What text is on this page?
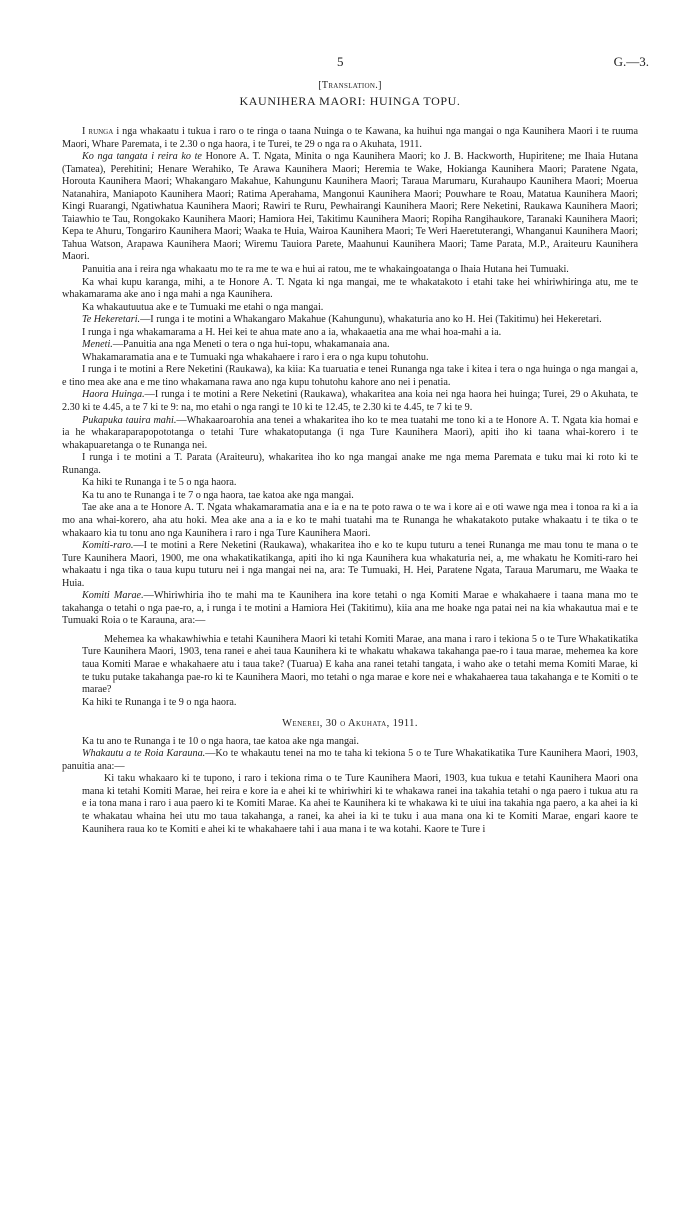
5	G.—3.
[Translation.]
KAUNIHERA MAORI: HUINGA TOPU.

I runga i nga whakaatu i tukua i raro o te ringa o taana Nuinga o te Kawana, ka huihui nga mangai o nga Kaunihera Maori i te ruuma Maori, Whare Paremata, i te 2.30 o nga haora, i te Turei, te 29 o nga ra o Akuhata, 1911.

Ko nga tangata i reira ko te Honore A. T. Ngata, Minita o nga Kaunihera Maori; ko J. B. Hackworth, Hupiritene; me Ihaia Hutana (Tamatea), Perehitini; Henare Werahiko, Te Arawa Kaunihera Maori; Heremia te Wake, Hokianga Kaunihera Maori; Paratene Ngata, Horouta Kaunihera Maori; Whakangaro Makahue, Kahungunu Kaunihera Maori; Taraua Marumaru, Kurahaupo Kaunihera Maori; Moerua Natanahira, Maniapoto Kaunihera Maori; Ratima Aperahama, Mangonui Kaunihera Maori; Pouwhare te Roau, Matatua Kaunihera Maori; Kingi Ruarangi, Ngatiwhatua Kaunihera Maori; Rawiri te Ruru, Pewhairangi Kaunihera Maori; Rere Neketini, Raukawa Kaunihera Maori; Taiawhio te Tau, Rongokako Kaunihera Maori; Hamiora Hei, Takitimu Kaunihera Maori; Ropiha Rangihaukore, Taranaki Kaunihera Maori; Kepa te Ahuru, Tongariro Kaunihera Maori; Waaka te Huia, Wairoa Kaunihera Maori; Te Weri Haeretuterangi, Whanganui Kaunihera Maori; Tahua Watson, Arapawa Kaunihera Maori; Wiremu Tauiora Parete, Maahunui Kaunihera Maori; Tame Parata, M.P., Araiteuru Kaunihera Maori.

Panuitia ana i reira nga whakaatu mo te ra me te wa e hui ai ratou, me te whakaingoatanga o Ihaia Hutana hei Tumuaki.

Ka whai kupu karanga, mihi, a te Honore A. T. Ngata ki nga mangai, me te whakatakoto i etahi take hei whiriwhiringa atu, me te whakamarama ake ano i nga mahi a nga Kaunihera.

Ka whakautuutua ake e te Tumuaki me etahi o nga mangai.

Te Hekeretari.—I runga i te motini a Whakangaro Makahue (Kahungunu), whakaturia ano ko H. Hei (Takitimu) hei Hekeretari.

I runga i nga whakamarama a H. Hei kei te ahua mate ano a ia, whakaaetia ana me whai hoa-mahi a ia.

Meneti.—Panuitia ana nga Meneti o tera o nga hui-topu, whakamanaia ana.

Whakamaramatia ana e te Tumuaki nga whakahaere i raro i era o nga kupu tohutohu.

I runga i te motini a Rere Neketini (Raukawa), ka kiia: Ka tuaruatia e tenei Runanga nga take i kitea i tera o nga huinga o nga mangai a, e tino mea ake ana e me tino whakamana rawa ano nga kupu tohutohu kahore ano nei i penatia.

Haora Huinga.—I runga i te motini a Rere Neketini (Raukawa), whakaritea ana koia nei nga haora hei huinga; Turei, 29 o Akuhata, te 2.30 ki te 4.45, a te 7 ki te 9: na, mo etahi o nga rangi te 10 ki te 12.45, te 2.30 ki te 4.45, te 7 ki te 9.

Pukapuka tauira mahi.—Whakaaroarohia ana tenei a whakaritea iho ko te mea tuatahi me tono ki a te Honore A. T. Ngata kia homai e ia he whakaraparapopototanga o tetahi Ture whakatoputanga (i nga Ture Kaunihera Maori), apiti iho ki taana whai-korero i te whakapuaretanga o te Runanga nei.

I runga i te motini a T. Parata (Araiteuru), whakaritea iho ko nga mangai anake me nga mema Paremata e tuku mai ki roto ki te Runanga.

Ka hiki te Runanga i te 5 o nga haora.

Ka tu ano te Runanga i te 7 o nga haora, tae katoa ake nga mangai.

Tae ake ana a te Honore A. T. Ngata whakamaramatia ana e ia e na te poto rawa o te wa i kore ai e oti wawe nga mea i tonoa ra ki a ia mo ana whai-korero, aha atu hoki. Mea ake ana a ia e ko te mahi tuatahi ma te Runanga he whakatakoto putake whakaatu i te tika o te whakaaro kia tu tonu ano nga Kaunihera i raro i nga Ture Kaunihera Maori.

Komiti-raro.—I te motini a Rere Neketini (Raukawa), whakaritea iho e ko te kupu tuturu a tenei Runanga me mau tonu te mana o te Ture Kaunihera Maori, 1900, me ona whakatikatikanga, apiti iho ki nga Kaunihera kua whakaturia nei, a, me whakatu he Komiti-raro hei whakaatu i nga tika o taua kupu tuturu nei i nga mangai nei na, ara: Te Tumuaki, H. Hei, Paratene Ngata, Taraua Marumaru, me Waaka te Huia.

Komiti Marae.—Whiriwhiria iho te mahi ma te Kaunihera ina kore tetahi o nga Komiti Marae e whakahaere i taana mana mo te takahanga o tetahi o nga pae-ro, a, i runga i te motini a Hamiora Hei (Takitimu), kiia ana me hoake nga patai nei na kia whakautua mai e te Tumuaki Roia o te Karauna, ara:—

Mehemea ka whakawhiwhia e tetahi Kaunihera Maori ki tetahi Komiti Marae, ana mana i raro i tekiona 5 o te Ture Whakatikatika Ture Kaunihera Maori, 1903, tena ranei e ahei taua Kaunihera ki te whakatu whakawa takahanga pae-ro i taua marae, mehemea ka kore taua Komiti Marae e whakahaere atu i taua take? (Tuarua) E kaha ana ranei tetahi tangata, i waho ake o tetahi mema Komiti Marae, ki te tuku putake takahanga pae-ro ki te Kaunihera Maori, mo tetahi o nga marae e kore nei e whakahaerea taua takahanga e te Komiti o te marae?

Ka hiki te Runanga i te 9 o nga haora.

Wenerei, 30 o Akuhata, 1911.

Ka tu ano te Runanga i te 10 o nga haora, tae katoa ake nga mangai.

Whakautu a te Roia Karauna.—Ko te whakautu tenei na mo te taha ki tekiona 5 o te Ture Whakatikatika Ture Kaunihera Maori, 1903, panuitia ana:—

Ki taku whakaaro ki te tupono, i raro i tekiona rima o te Ture Kaunihera Maori, 1903, kua tukua e tetahi Kaunihera Maori ona mana ki tetahi Komiti Marae, hei reira e kore ia e ahei ki te whiriwhiri ki te whakawa ranei ina takahia tetahi o nga paero i tukua atu ra e ia tona mana i raro i aua paero ki te Komiti Marae. Ka ahei te Kaunihera ki te whakawa ki te uiui ina takahia nga paero, a ka ahei ia ki te whakatau whaina hei utu mo taua takahanga, a ranei, ka ahei ia ki te tuku i aua mana ona ki te Komiti Marae, engari kaore te Kaunihera raua ko te Komiti e ahei ki te whakahaere tahi i aua mana i te wa kotahi. Kaore te Ture i
